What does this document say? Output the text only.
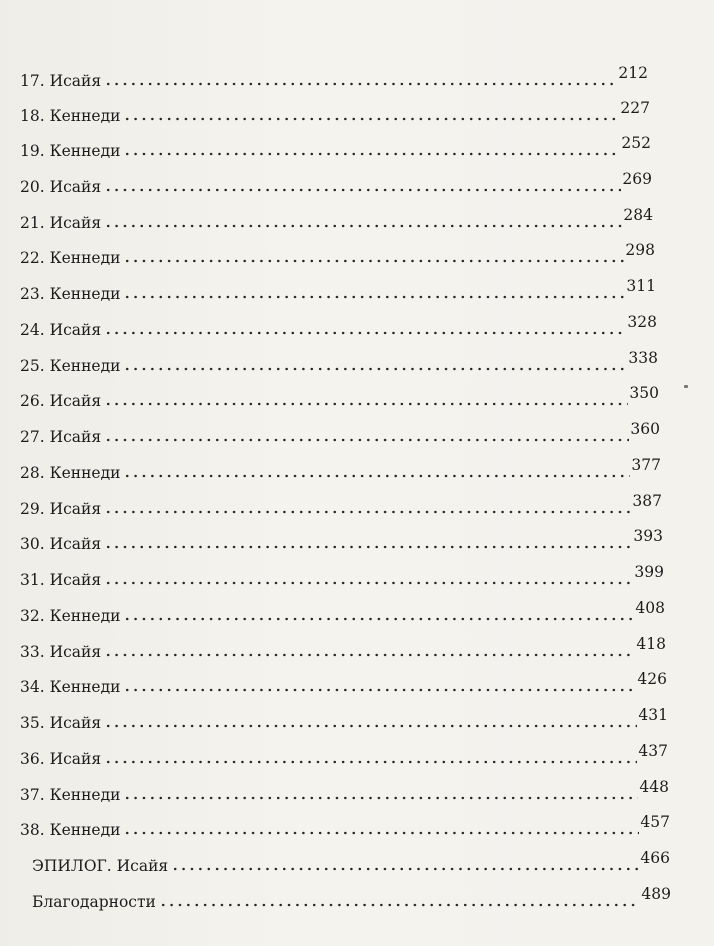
17. Исайя	212
18. Кеннеди	227
19. Кеннеди	252
20. Исайя	269
21. Исайя	284
22. Кеннеди	298
23. Кеннеди	311
24. Исайя	328
25. Кеннеди	338
26. Исайя	350
27. Исайя	360
28. Кеннеди	377
29. Исайя	387
30. Исайя	393
31. Исайя	399
32. Кеннеди	408
33. Исайя	418
34. Кеннеди	426
35. Исайя	431
36. Исайя	437
37. Кеннеди	448
38. Кеннеди	457
ЭПИЛОГ. Исайя	466
Благодарности	489
